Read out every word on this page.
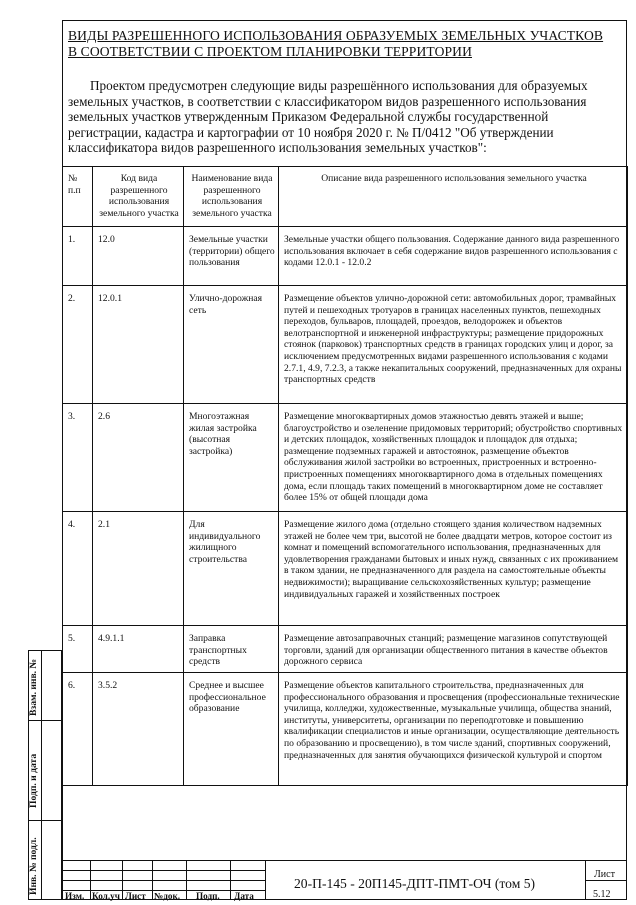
ВИДЫ РАЗРЕШЕННОГО ИСПОЛЬЗОВАНИЯ ОБРАЗУЕМЫХ ЗЕМЕЛЬНЫХ УЧАСТКОВ В СООТВЕТСТВИИ С ПРОЕКТОМ ПЛАНИРОВКИ ТЕРРИТОРИИ
Проектом предусмотрен следующие виды разрешённого использования для образуемых земельных участков, в соответствии с классификатором видов разрешенного использования земельных участков утвержденным Приказом Федеральной службы государственной регистрации, кадастра и картографии от 10 ноября 2020 г. № П/0412 "Об утверждении классификатора видов разрешенного использования земельных участков":
№ п.п	Код вида разрешенного использования земельного участка	Наименование вида разрешенного использования земельного участка	Описание вида разрешенного использования земельного участка
1.	12.0	Земельные участки (территории) общего пользования	Земельные участки общего пользования. Содержание данного вида разрешенного использования включает в себя содержание видов разрешенного использования с кодами 12.0.1 - 12.0.2
2.	12.0.1	Улично-дорожная сеть	Размещение объектов улично-дорожной сети: автомобильных дорог, трамвайных путей и пешеходных тротуаров в границах населенных пунктов, пешеходных переходов, бульваров, площадей, проездов, велодорожек и объектов велотранспортной и инженерной инфраструктуры; размещение придорожных стоянок (парковок) транспортных средств в границах городских улиц и дорог, за исключением предусмотренных видами разрешенного использования с кодами 2.7.1, 4.9, 7.2.3, а также некапитальных сооружений, предназначенных для охраны транспортных средств
3.	2.6	Многоэтажная жилая застройка (высотная застройка)	Размещение многоквартирных домов этажностью девять этажей и выше; благоустройство и озеленение придомовых территорий; обустройство спортивных и детских площадок, хозяйственных площадок и площадок для отдыха; размещение подземных гаражей и автостоянок, размещение объектов обслуживания жилой застройки во встроенных, пристроенных и встроенно-пристроенных помещениях многоквартирного дома в отдельных помещениях дома, если площадь таких помещений в многоквартирном доме не составляет более 15% от общей площади дома
4.	2.1	Для индивидуального жилищного строительства	Размещение жилого дома (отдельно стоящего здания количеством надземных этажей не более чем три, высотой не более двадцати метров, которое состоит из комнат и помещений вспомогательного использования, предназначенных для удовлетворения гражданами бытовых и иных нужд, связанных с их проживанием в таком здании, не предназначенного для раздела на самостоятельные объекты недвижимости); выращивание сельскохозяйственных культур; размещение индивидуальных гаражей и хозяйственных построек
5.	4.9.1.1	Заправка транспортных средств	Размещение автозаправочных станций; размещение магазинов сопутствующей торговли, зданий для организации общественного питания в качестве объектов дорожного сервиса
6.	3.5.2	Среднее и высшее профессиональное образование	Размещение объектов капитального строительства, предназначенных для профессионального образования и просвещения (профессиональные технические училища, колледжи, художественные, музыкальные училища, общества знаний, институты, университеты, организации по переподготовке и повышению квалификации специалистов и иные организации, осуществляющие деятельность по образованию и просвещению), в том числе зданий, спортивных сооружений, предназначенных для занятия обучающихся физической культурой и спортом
Взам. инв. №
Подп. и дата
Инв. № подл.
Изм. Кол.уч Лист №док. Подп. Дата
20-П-145 - 20П145-ДПТ-ПМТ-ОЧ (том 5)
Лист
5.12
